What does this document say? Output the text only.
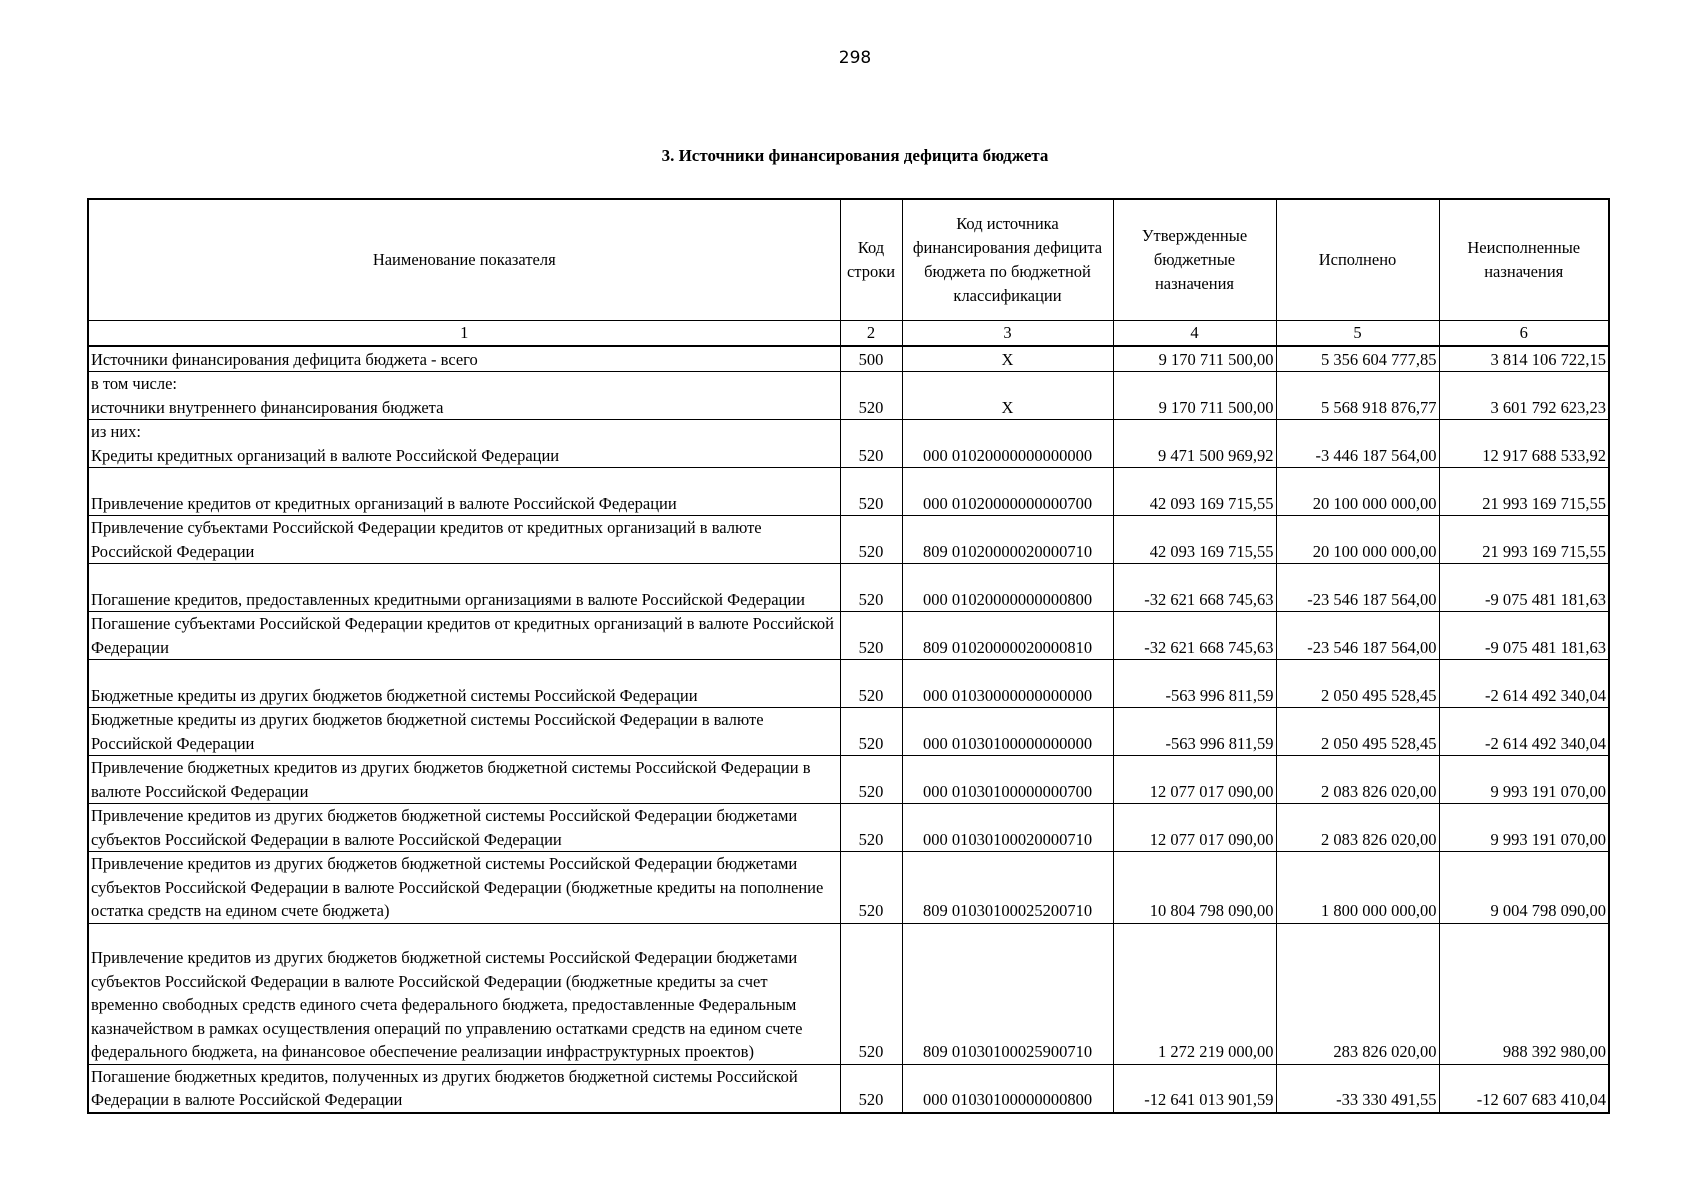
298
3. Источники финансирования дефицита бюджета
Наименование показателя	Код строки	Код источника финансирования дефицита бюджета по бюджетной классификации	Утвержденные бюджетные назначения	Исполнено	Неисполненные назначения
1	2	3	4	5	6
Источники финансирования дефицита бюджета - всего	500	X	9 170 711 500,00	5 356 604 777,85	3 814 106 722,15
в том числе:
источники внутреннего финансирования бюджета	520	X	9 170 711 500,00	5 568 918 876,77	3 601 792 623,23
из них:
Кредиты кредитных организаций в валюте Российской Федерации	520	000 01020000000000000	9 471 500 969,92	-3 446 187 564,00	12 917 688 533,92
Привлечение кредитов от кредитных организаций в валюте Российской Федерации	520	000 01020000000000700	42 093 169 715,55	20 100 000 000,00	21 993 169 715,55
Привлечение субъектами Российской Федерации кредитов от кредитных организаций в валюте Российской Федерации	520	809 01020000020000710	42 093 169 715,55	20 100 000 000,00	21 993 169 715,55
Погашение кредитов, предоставленных кредитными организациями в валюте Российской Федерации	520	000 01020000000000800	-32 621 668 745,63	-23 546 187 564,00	-9 075 481 181,63
Погашение субъектами Российской Федерации кредитов от кредитных организаций в валюте Российской Федерации	520	809 01020000020000810	-32 621 668 745,63	-23 546 187 564,00	-9 075 481 181,63
Бюджетные кредиты из других бюджетов бюджетной системы Российской Федерации	520	000 01030000000000000	-563 996 811,59	2 050 495 528,45	-2 614 492 340,04
Бюджетные кредиты из других бюджетов бюджетной системы Российской Федерации в валюте Российской Федерации	520	000 01030100000000000	-563 996 811,59	2 050 495 528,45	-2 614 492 340,04
Привлечение бюджетных кредитов из других бюджетов бюджетной системы Российской Федерации в валюте Российской Федерации	520	000 01030100000000700	12 077 017 090,00	2 083 826 020,00	9 993 191 070,00
Привлечение кредитов из других бюджетов бюджетной системы Российской Федерации бюджетами субъектов Российской Федерации в валюте Российской Федерации	520	000 01030100020000710	12 077 017 090,00	2 083 826 020,00	9 993 191 070,00
Привлечение кредитов из других бюджетов бюджетной системы Российской Федерации бюджетами субъектов Российской Федерации в валюте Российской Федерации (бюджетные кредиты на пополнение остатка средств на едином счете бюджета)	520	809 01030100025200710	10 804 798 090,00	1 800 000 000,00	9 004 798 090,00
Привлечение кредитов из других бюджетов бюджетной системы Российской Федерации бюджетами субъектов Российской Федерации в валюте Российской Федерации (бюджетные кредиты за счет временно свободных средств единого счета федерального бюджета, предоставленные Федеральным казначейством в рамках осуществления операций по управлению остатками средств на едином счете федерального бюджета, на финансовое обеспечение реализации инфраструктурных проектов)	520	809 01030100025900710	1 272 219 000,00	283 826 020,00	988 392 980,00
Погашение бюджетных кредитов, полученных из других бюджетов бюджетной системы Российской Федерации в валюте Российской Федерации	520	000 01030100000000800	-12 641 013 901,59	-33 330 491,55	-12 607 683 410,04
